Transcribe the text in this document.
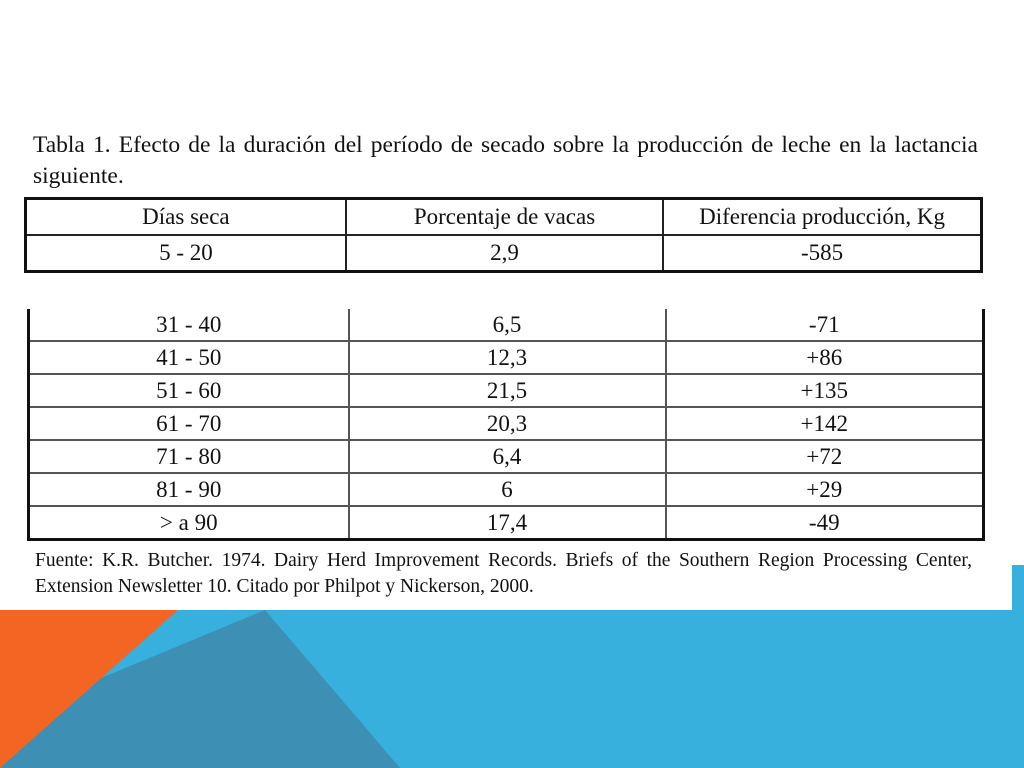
Tabla 1. Efecto de la duración del período de secado sobre la producción de leche en la lactancia siguiente.
Días seca	Porcentaje de vacas	Diferencia producción, Kg
5 - 20	2,9	-585
31 - 40	6,5	-71
41 - 50	12,3	+86
51 - 60	21,5	+135
61 - 70	20,3	+142
71 - 80	6,4	+72
81 - 90	6	+29
> a 90	17,4	-49
Fuente: K.R. Butcher. 1974. Dairy Herd Improvement Records. Briefs of the Southern Region Processing Center, Extension Newsletter 10. Citado por Philpot y Nickerson, 2000.
